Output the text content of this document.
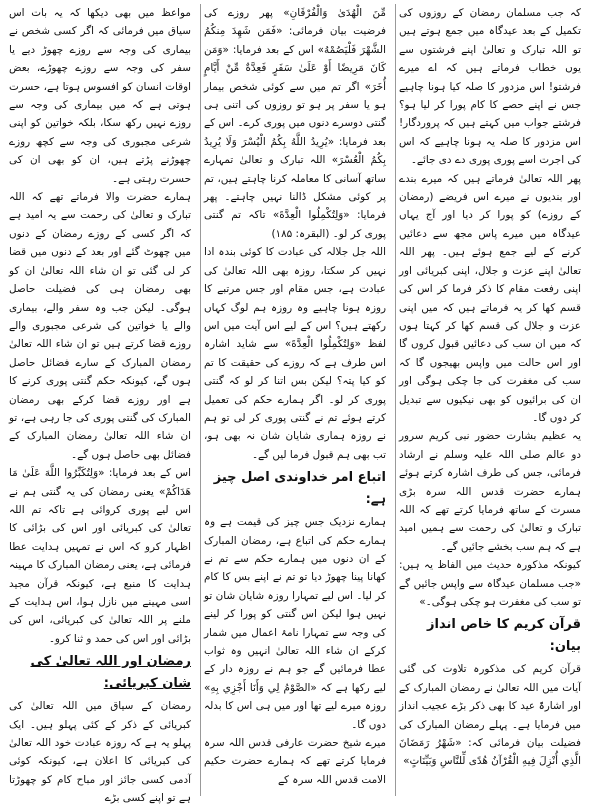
کہ جب مسلمان رمضان کے روزوں کی تکمیل کے بعد عیدگاہ میں جمع ہوتے ہیں تو اللہ تبارک و تعالیٰ اپنے فرشتوں سے یوں خطاب فرماتے ہیں کہ اے میرے فرشتو! اس مزدور کا صلہ کیا ہونا چاہیے جس نے اپنے حصے کا کام پورا کر لیا ہو؟ فرشتے جواب میں کہتے ہیں کہ پروردگار! اس مزدور کا صلہ یہ ہونا چاہیے کہ اس کی اجرت اسے پوری پوری دے دی جائے۔

پھر اللہ تعالیٰ فرماتے ہیں کہ میرے بندے اور بندیوں نے میرے اس فریضے (رمضان کے روزے) کو پورا کر دیا اور آج یہاں عیدگاہ میں میرے پاس مجھ سے دعائیں کرنے کے لیے جمع ہوئے ہیں۔ پھر اللہ تعالیٰ اپنے عزت و جلال، اپنی کبریائی اور اپنی رفعت مقام کا ذکر فرما کر اس کی قسم کھا کر یہ فرماتے ہیں کہ میں اپنی عزت و جلال کی قسم کھا کر کہتا ہوں کہ میں ان سب کی دعائیں قبول کروں گا اور اس حالت میں واپس بھیجوں گا کہ سب کی مغفرت کی جا چکی ہوگی اور ان کی برائیوں کو بھی نیکیوں سے تبدیل کر دوں گا۔

یہ عظیم بشارت حضور نبی کریم سرور دو عالم صلی اللہ علیہ وسلم نے ارشاد فرمائی، جس کی طرف اشارہ کرتے ہوئے ہمارے حضرت قدس اللہ سرہ بڑی مسرت کے ساتھ فرمایا کرتے تھے کہ اللہ تبارک و تعالیٰ کی رحمت سے ہمیں امید ہے کہ ہم سب بخشے جائیں گے۔

کیونکہ مذکورہ حدیث میں الفاظ یہ ہیں: «جب مسلمان عیدگاہ سے واپس جائیں گے تو سب کی مغفرت ہو چکی ہوگی۔»

قرآن کریم کا خاص انداز بیان:

قرآن کریم کی مذکورہ تلاوت کی گئی آیات میں اللہ تعالیٰ نے رمضان المبارک کے اور اشارۃً عید کا بھی ذکر بڑے عجیب انداز میں فرمایا ہے۔ پہلے رمضان المبارک کی فضیلت بیان فرمائی کہ: «شَهْرُ رَمَضَانَ الَّذِي أُنْزِلَ فِيهِ الْقُرْآنُ هُدًى لِّلنَّاسِ وَبَيِّنَاتٍ»

مِّنَ الْهُدَىٰ وَالْفُرْقَانِ» پھر روزے کی فرضیت بیان فرمائی: «فَمَن شَهِدَ مِنكُمُ الشَّهْرَ فَلْيَصُمْهُ» اس کے بعد فرمایا: «وَمَن كَانَ مَرِيضًا أَوْ عَلَىٰ سَفَرٍ فَعِدَّةٌ مِّنْ أَيَّامٍ أُخَرَ» اگر تم میں سے کوئی شخص بیمار ہو یا سفر پر ہو تو روزوں کی اتنی ہی گنتی دوسرے دنوں میں پوری کرے۔ اس کے بعد فرمایا: «يُرِيدُ اللَّهُ بِكُمُ الْيُسْرَ وَلَا يُرِيدُ بِكُمُ الْعُسْرَ» اللہ تبارک و تعالیٰ تمہارے ساتھ آسانی کا معاملہ کرنا چاہتے ہیں، تم پر کوئی مشکل ڈالنا نہیں چاہتے۔ پھر فرمایا: «وَلِتُكْمِلُوا الْعِدَّةَ» تاکہ تم گنتی پوری کر لو۔ (البقرہ: ۱۸۵)

اللہ جل جلالہ کی عبادت کا کوئی بندہ ادا نہیں کر سکتا، روزہ بھی اللہ تعالیٰ کی عبادت ہے، جس مقام اور جس مرتبے کا روزہ ہونا چاہیے وہ روزہ ہم لوگ کہاں رکھتے ہیں؟ اس کے لیے اس آیت میں اس لفظ «وَلِتُكْمِلُوا الْعِدَّةَ» سے شاید اشارہ اس طرف ہے کہ روزے کی حقیقت کا تم کو کیا پتہ؟ لیکن بس اتنا کر لو کہ گنتی پوری کر لو۔ اگر ہمارے حکم کی تعمیل کرتے ہوئے تم نے گنتی پوری کر لی تو ہم نے روزہ ہماری شایان شان نہ بھی ہو، تب بھی ہم قبول فرما لیں گے۔

اتباع امر خداوندی اصل چیز ہے:

ہمارے نزدیک جس چیز کی قیمت ہے وہ ہمارے حکم کی اتباع ہے، رمضان المبارک کے ان دنوں میں ہمارے حکم سے تم نے کھانا پینا چھوڑ دیا تو تم نے اپنے بس کا کام کر لیا۔ اس لیے تمہارا روزہ شایان شان تو نہیں ہوا لیکن اس گنتی کو پورا کر لینے کی وجہ سے تمہارا نامۂ اعمال میں شمار کرکے ان شاء اللہ تعالیٰ انہیں وہ ثواب عطا فرمائیں گے جو ہم نے روزہ دار کے لیے رکھا ہے کہ «الصَّوْمُ لِي وَأَنَا أَجْزِي بِهِ» روزہ میرے لیے تھا اور میں ہی اس کا بدلہ دوں گا۔

میرے شیخ حضرت عارفی قدس اللہ سرہ فرمایا کرتے تھے کہ ہمارے حضرت حکیم الامت قدس اللہ سرہ کے

مواعظ میں بھی دیکھا کہ یہ بات اس سیاق میں فرمائی کہ اگر کسی شخص نے بیماری کی وجہ سے روزے چھوڑ دیے یا سفر کی وجہ سے روزے چھوڑے، بعض اوقات انسان کو افسوس ہوتا ہے، حسرت ہوتی ہے کہ میں بیماری کی وجہ سے روزے نہیں رکھ سکا، بلکہ خواتین کو اپنی شرعی مجبوری کی وجہ سے کچھ روزے چھوڑنے پڑتے ہیں، ان کو بھی ان کی حسرت رہتی ہے۔

ہمارے حضرت والا فرماتے تھے کہ اللہ تبارک و تعالیٰ کی رحمت سے یہ امید ہے کہ اگر کسی کے روزے رمضان کے دنوں میں چھوٹ گئے اور بعد کے دنوں میں قضا کر لی گئی تو ان شاء اللہ تعالیٰ ان کو بھی رمضان ہی کی فضیلت حاصل ہوگی۔ لیکن جب وہ سفر والے، بیماری والے یا خواتین کی شرعی مجبوری والے روزے قضا کرتے ہیں تو ان شاء اللہ تعالیٰ رمضان المبارک کے سارے فضائل حاصل ہوں گے، کیونکہ حکم گنتی پوری کرنے کا ہے اور روزے قضا کرکے بھی رمضان المبارک کی گنتی پوری کی جا رہی ہے، تو ان شاء اللہ تعالیٰ رمضان المبارک کے فضائل بھی حاصل ہوں گے۔

اس کے بعد فرمایا: «وَلِتُكَبِّرُوا اللَّهَ عَلَىٰ مَا هَدَاكُمْ» یعنی رمضان کی یہ گنتی ہم نے اس لیے پوری کروائی ہے تاکہ تم اللہ تعالیٰ کی کبریائی اور اس کی بڑائی کا اظہار کرو کہ اس نے تمہیں ہدایت عطا فرمائی ہے، یعنی رمضان المبارک کا مہینہ ہدایت کا منبع ہے، کیونکہ قرآن مجید اسی مہینے میں نازل ہوا، اس ہدایت کے ملنے پر اللہ تعالیٰ کی کبریائی، اس کی بڑائی اور اس کی حمد و ثنا کرو۔

رمضان اور اللہ تعالیٰ کی شان کبریائی:

رمضان کے سیاق میں اللہ تعالیٰ کی کبریائی کے ذکر کے کئی پہلو ہیں۔ ایک پہلو یہ ہے کہ روزہ عبادت خود اللہ تعالیٰ کی کبریائی کا اعلان ہے، کیونکہ کوئی آدمی کسی جائز اور مباح کام کو چھوڑتا ہے تو اپنے کسی بڑے
